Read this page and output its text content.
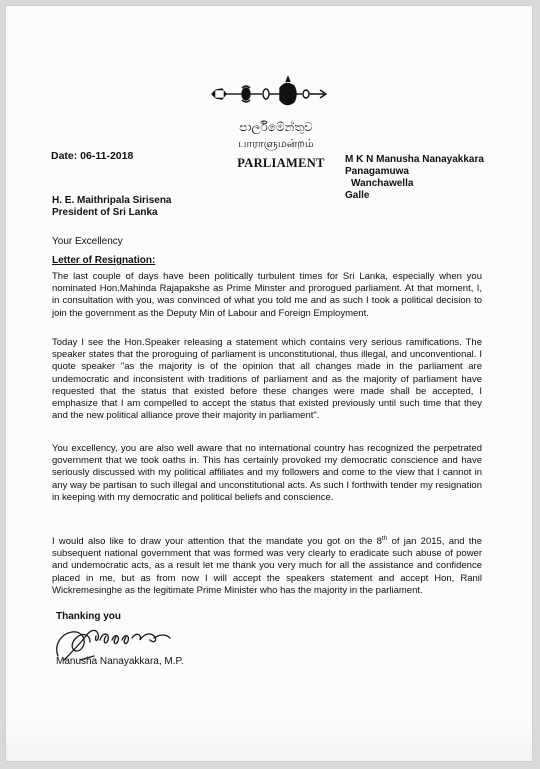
පාර්ලිමේන්තුව
பாராளுமன்றம்
PARLIAMENT
Date: 06-11-2018	M K N Manusha Nanayakkara
Panagamuwa
Wanchawella
Galle
H. E. Maithripala Sirisena
President of Sri Lanka
Your Excellency
Letter of Resignation:

The last couple of days have been politically turbulent times for Sri Lanka, especially when you nominated Hon.Mahinda Rajapakshe as Prime Minster and prorogued parliament. At that moment, I, in consultation with you, was convinced of what you told me and as such I took a political decision to join the government as the Deputy Min of Labour and Foreign Employment.

Today I see the Hon.Speaker releasing a statement which contains very serious ramifications. The speaker states that the proroguing of parliament is unconstitutional, thus illegal, and unconventional. I quote speaker "as the majority is of the opinion that all changes made in the parliament are undemocratic and inconsistent with traditions of parliament and as the majority of parliament have requested that the status that existed before these changes were made shall be accepted, I emphasize that I am compelled to accept the status that existed previously until such time that they and the new political alliance prove their majority in parliament".

You excellency, you are also well aware that no international country has recognized the perpetrated government that we took oaths in. This has certainly provoked my democratic conscience and have seriously discussed with my political affiliates and my followers and come to the view that I cannot in any way be partisan to such illegal and unconstitutional acts. As such I forthwith tender my resignation in keeping with my democratic and political beliefs and conscience.

I would also like to draw your attention that the mandate you got on the 8th of jan 2015, and the subsequent national government that was formed was very clearly to eradicate such abuse of power and undemocratic acts, as a result let me thank you very much for all the assistance and confidence placed in me, but as from now I will accept the speakers statement and accept Hon, Ranil Wickremesinghe as the legitimate Prime Minister who has the majority in the parliament.

Thanking you
Manusha Nanayakkara, M.P.
